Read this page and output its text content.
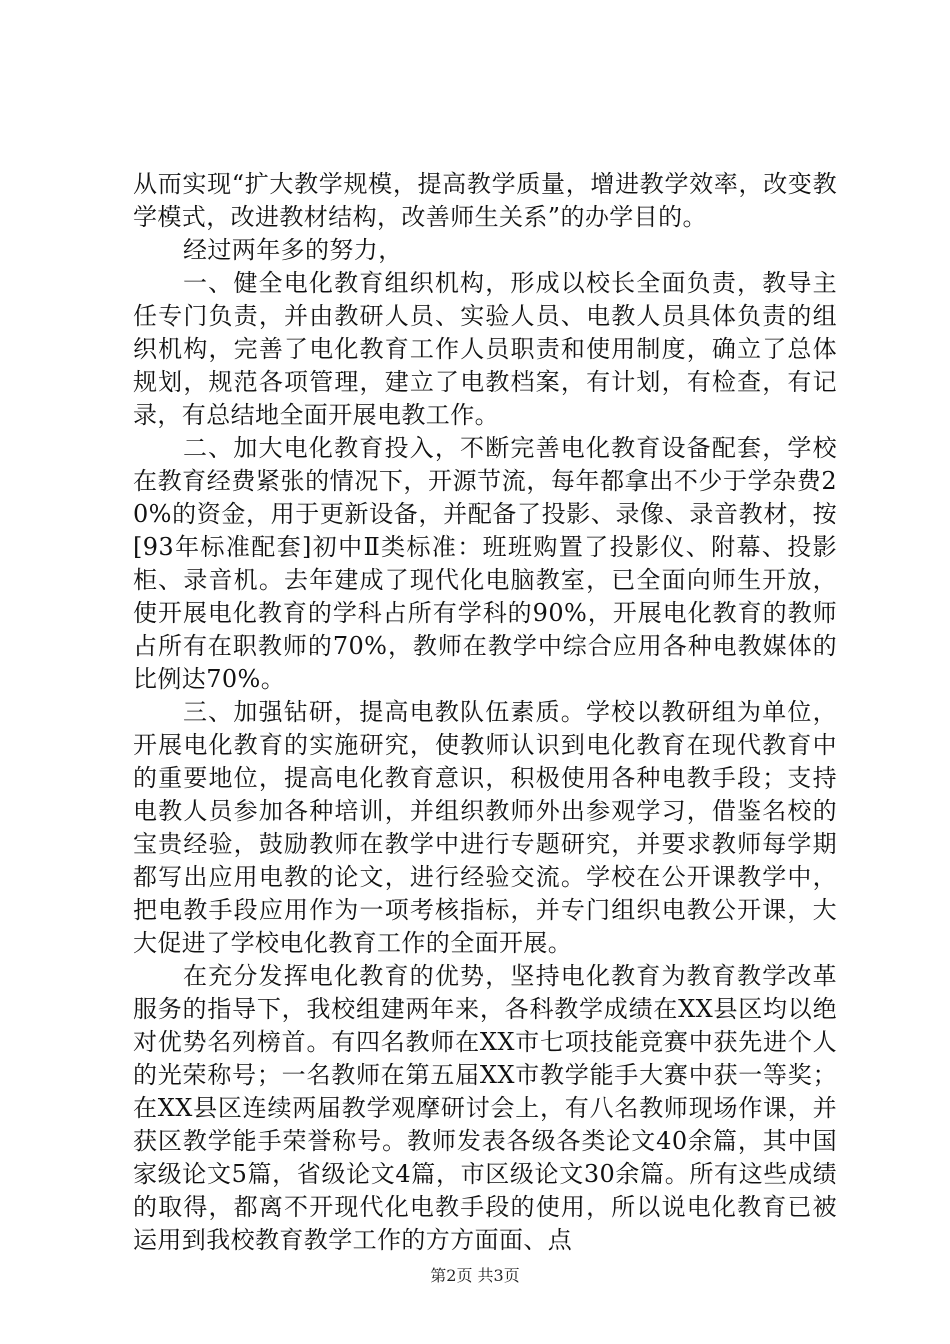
从而实现“扩大教学规模，提高教学质量，增进教学效率，改变教学模式，改进教材结构，改善师生关系”的办学目的。

经过两年多的努力，

一、健全电化教育组织机构，形成以校长全面负责，教导主任专门负责，并由教研人员、实验人员、电教人员具体负责的组织机构，完善了电化教育工作人员职责和使用制度，确立了总体规划，规范各项管理，建立了电教档案，有计划，有检查，有记录，有总结地全面开展电教工作。

二、加大电化教育投入，不断完善电化教育设备配套，学校在教育经费紧张的情况下，开源节流，每年都拿出不少于学杂费20%的资金，用于更新设备，并配备了投影、录像、录音教材，按[93年标准配套]初中Ⅱ类标准：班班购置了投影仪、附幕、投影柜、录音机。去年建成了现代化电脑教室，已全面向师生开放，使开展电化教育的学科占所有学科的90%，开展电化教育的教师占所有在职教师的70%，教师在教学中综合应用各种电教媒体的比例达70%。

三、加强钻研，提高电教队伍素质。学校以教研组为单位，开展电化教育的实施研究，使教师认识到电化教育在现代教育中的重要地位，提高电化教育意识，积极使用各种电教手段；支持电教人员参加各种培训，并组织教师外出参观学习，借鉴名校的宝贵经验，鼓励教师在教学中进行专题研究，并要求教师每学期都写出应用电教的论文，进行经验交流。学校在公开课教学中，把电教手段应用作为一项考核指标，并专门组织电教公开课，大大促进了学校电化教育工作的全面开展。

在充分发挥电化教育的优势，坚持电化教育为教育教学改革服务的指导下，我校组建两年来，各科教学成绩在XX县区均以绝对优势名列榜首。有四名教师在XX市七项技能竞赛中获先进个人的光荣称号；一名教师在第五届XX市教学能手大赛中获一等奖；在XX县区连续两届教学观摩研讨会上，有八名教师现场作课，并获区教学能手荣誉称号。教师发表各级各类论文40余篇，其中国家级论文5篇，省级论文4篇，市区级论文30余篇。所有这些成绩的取得，都离不开现代化电教手段的使用，所以说电化教育已被运用到我校教育教学工作的方方面面、点

第2页 共3页
